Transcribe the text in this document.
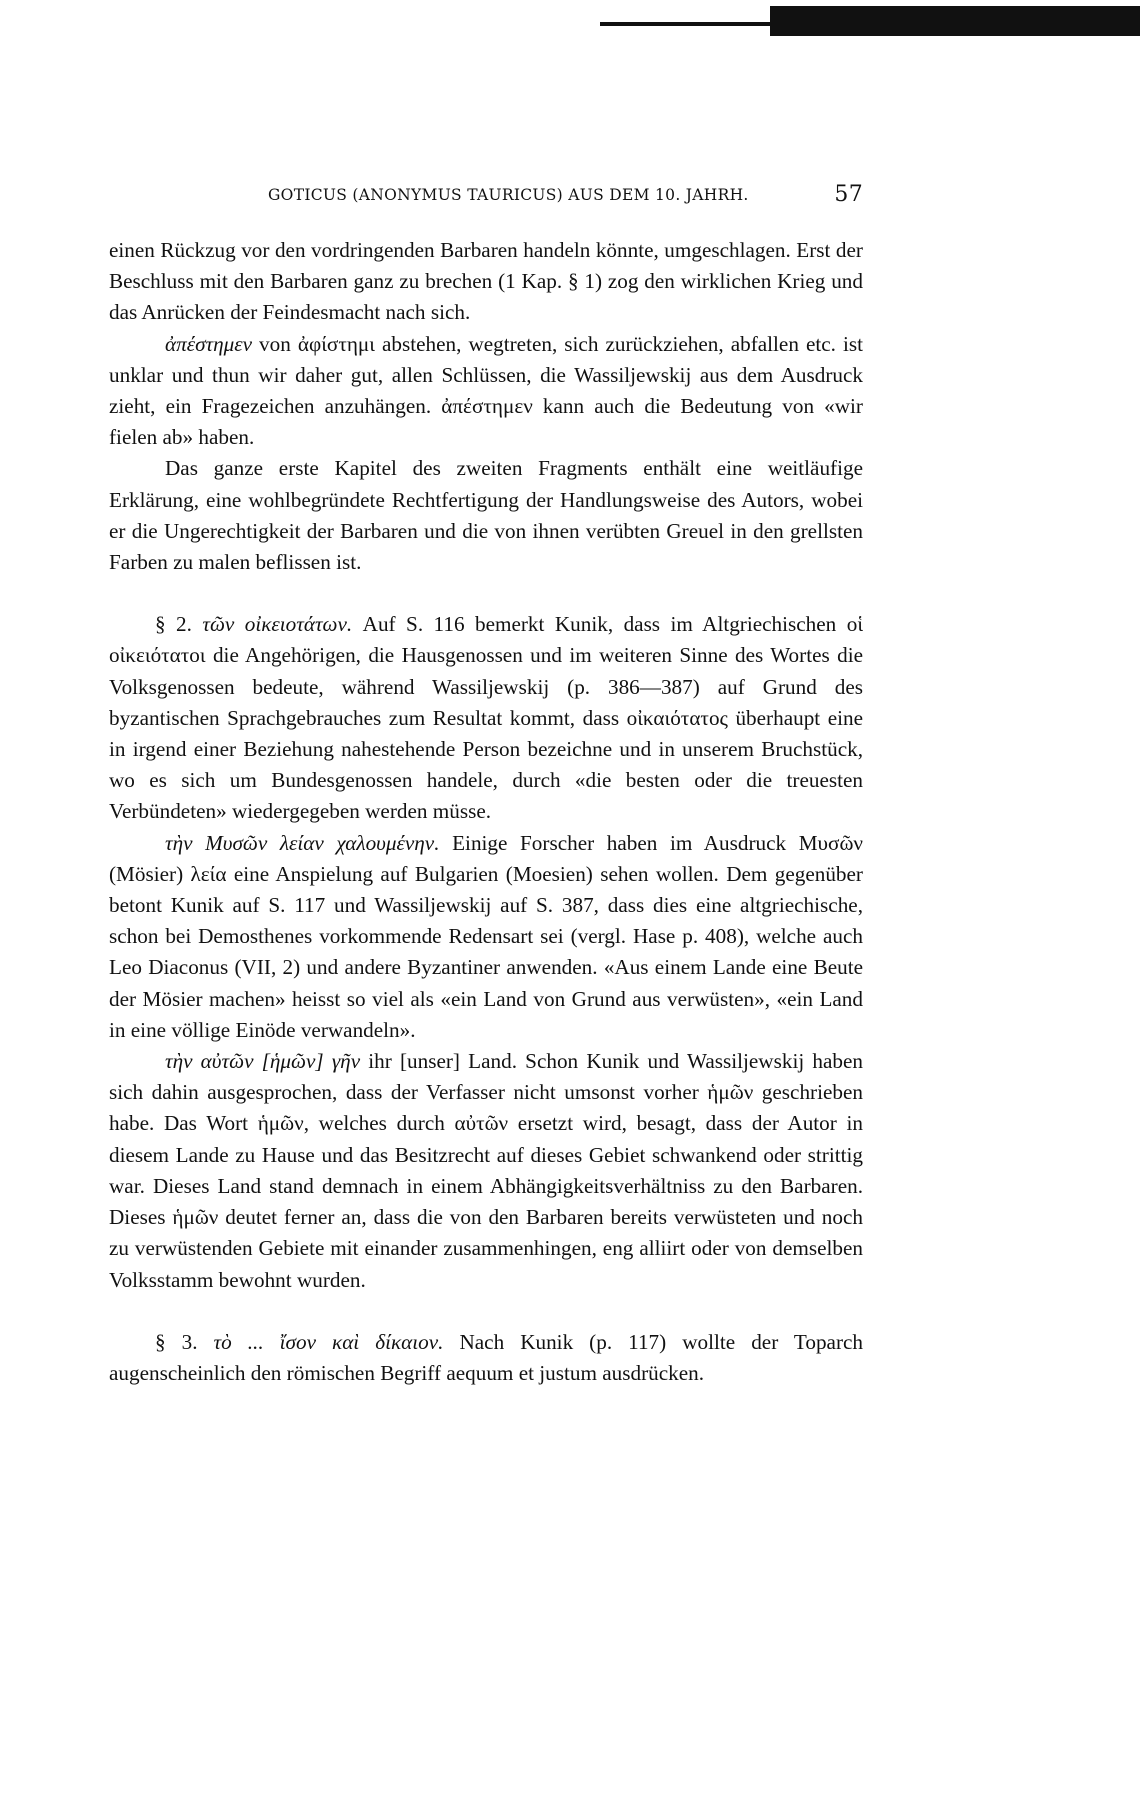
GOTICUS (ANONYMUS TAURICUS) AUS DEM 10. JAHRH.	57

einen Rückzug vor den vordringenden Barbaren handeln könnte, umgeschlagen. Erst der Beschluss mit den Barbaren ganz zu brechen (1 Kap. § 1) zog den wirklichen Krieg und das Anrücken der Feindesmacht nach sich.

ἀπέστημεν von ἀφίστημι abstehen, wegtreten, sich zurückziehen, abfallen etc. ist unklar und thun wir daher gut, allen Schlüssen, die Wassiljewskij aus dem Ausdruck zieht, ein Fragezeichen anzuhängen. ἀπέστημεν kann auch die Bedeutung von «wir fielen ab» haben.

Das ganze erste Kapitel des zweiten Fragments enthält eine weitläufige Erklärung, eine wohlbegründete Rechtfertigung der Handlungsweise des Autors, wobei er die Ungerechtigkeit der Barbaren und die von ihnen verübten Greuel in den grellsten Farben zu malen beflissen ist.

§ 2. τῶν οἰκειοτάτων. Auf S. 116 bemerkt Kunik, dass im Altgriechischen οἱ οἰκειότατοι die Angehörigen, die Hausgenossen und im weiteren Sinne des Wortes die Volksgenossen bedeute, während Wassiljewskij (p. 386—387) auf Grund des byzantischen Sprachgebrauches zum Resultat kommt, dass οἰκαιότατος überhaupt eine in irgend einer Beziehung nahestehende Person bezeichne und in unserem Bruchstück, wo es sich um Bundesgenossen handele, durch «die besten oder die treuesten Verbündeten» wiedergegeben werden müsse.

τὴν Μυσῶν λείαν χαλουμένην. Einige Forscher haben im Ausdruck Μυσῶν (Mösier) λεία eine Anspielung auf Bulgarien (Moesien) sehen wollen. Dem gegenüber betont Kunik auf S. 117 und Wassiljewskij auf S. 387, dass dies eine altgriechische, schon bei Demosthenes vorkommende Redensart sei (vergl. Hase p. 408), welche auch Leo Diaconus (VII, 2) und andere Byzantiner anwenden. «Aus einem Lande eine Beute der Mösier machen» heisst so viel als «ein Land von Grund aus verwüsten», «ein Land in eine völlige Einöde verwandeln».

τὴν αὐτῶν [ἡμῶν] γῆν ihr [unser] Land. Schon Kunik und Wassiljewskij haben sich dahin ausgesprochen, dass der Verfasser nicht umsonst vorher ἡμῶν geschrieben habe. Das Wort ἡμῶν, welches durch αὐτῶν ersetzt wird, besagt, dass der Autor in diesem Lande zu Hause und das Besitzrecht auf dieses Gebiet schwankend oder strittig war. Dieses Land stand demnach in einem Abhängigkeitsverhältniss zu den Barbaren. Dieses ἡμῶν deutet ferner an, dass die von den Barbaren bereits verwüsteten und noch zu verwüstenden Gebiete mit einander zusammenhingen, eng alliirt oder von demselben Volksstamm bewohnt wurden.

§ 3. τὸ ... ἴσον καὶ δίκαιον. Nach Kunik (p. 117) wollte der Toparch augenscheinlich den römischen Begriff aequum et justum ausdrücken.
